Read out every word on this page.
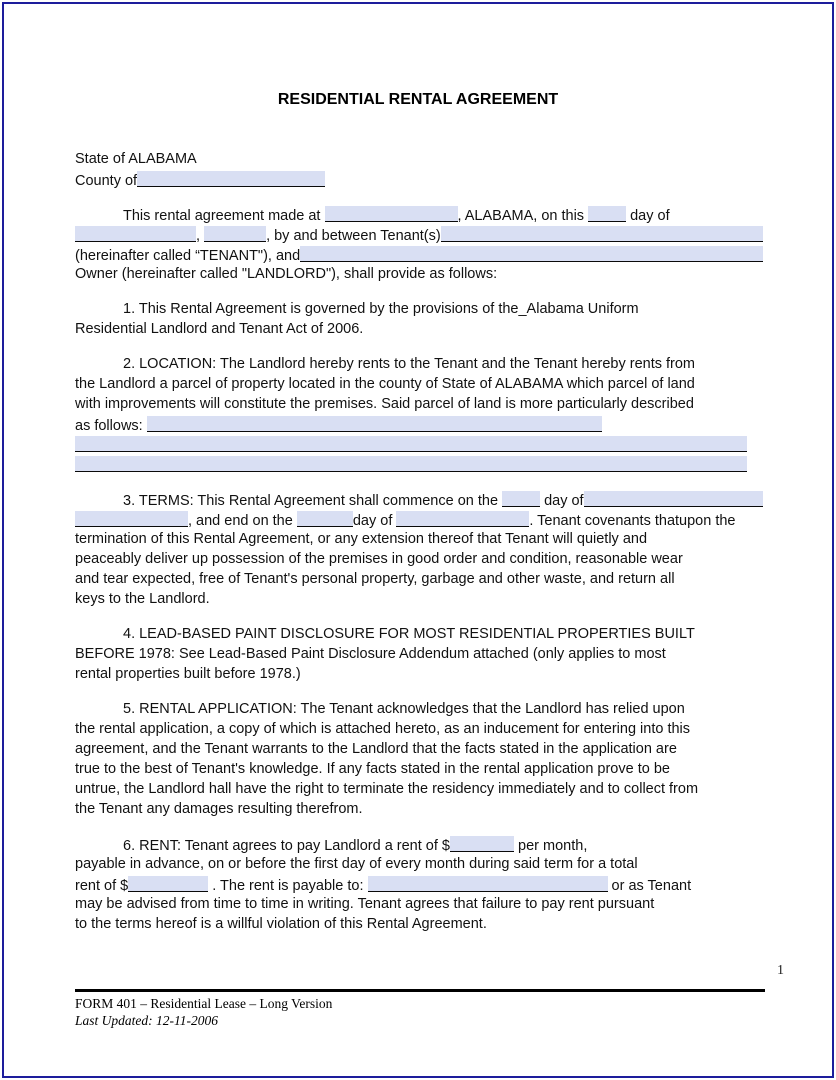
RESIDENTIAL RENTAL AGREEMENT
State of ALABAMA
County of
This rental agreement made at	, ALABAMA, on this	day of
,	, by and between Tenant(s)
(hereinafter called “TENANT"), and
Owner (hereinafter called "LANDLORD"), shall provide as follows:
1. This Rental Agreement is governed by the provisions of the_Alabama Uniform
Residential Landlord and Tenant Act of 2006.
2. LOCATION: The Landlord hereby rents to the Tenant and the Tenant hereby rents from
the Landlord a parcel of property located in the county of State of ALABAMA which parcel of land
with improvements will constitute the premises. Said parcel of land is more particularly described
as follows:
3. TERMS: This Rental Agreement shall commence on the	day of
, and end on the	day of	. Tenant covenants thatupon the
termination of this Rental Agreement, or any extension thereof that Tenant will quietly and
peaceably deliver up possession of the premises in good order and condition, reasonable wear
and tear expected, free of Tenant's personal property, garbage and other waste, and return all
keys to the Landlord.
4. LEAD-BASED PAINT DISCLOSURE FOR MOST RESIDENTIAL PROPERTIES BUILT
BEFORE 1978: See Lead-Based Paint Disclosure Addendum attached (only applies to most
rental properties built before 1978.)
5. RENTAL APPLICATION: The Tenant acknowledges that the Landlord has relied upon
the rental application, a copy of which is attached hereto, as an inducement for entering into this
agreement, and the Tenant warrants to the Landlord that the facts stated in the application are
true to the best of Tenant's knowledge. If any facts stated in the rental application prove to be
untrue, the Landlord hall have the right to terminate the residency immediately and to collect from
the Tenant any damages resulting therefrom.
6. RENT: Tenant agrees to pay Landlord a rent of $	per month,
payable in advance, on or before the first day of every month during said term for a total
rent of $	. The rent is payable to:	or as Tenant
may be advised from time to time in writing. Tenant agrees that failure to pay rent pursuant
to the terms hereof is a willful violation of this Rental Agreement.
1
FORM 401 – Residential Lease – Long Version
Last Updated: 12-11-2006
